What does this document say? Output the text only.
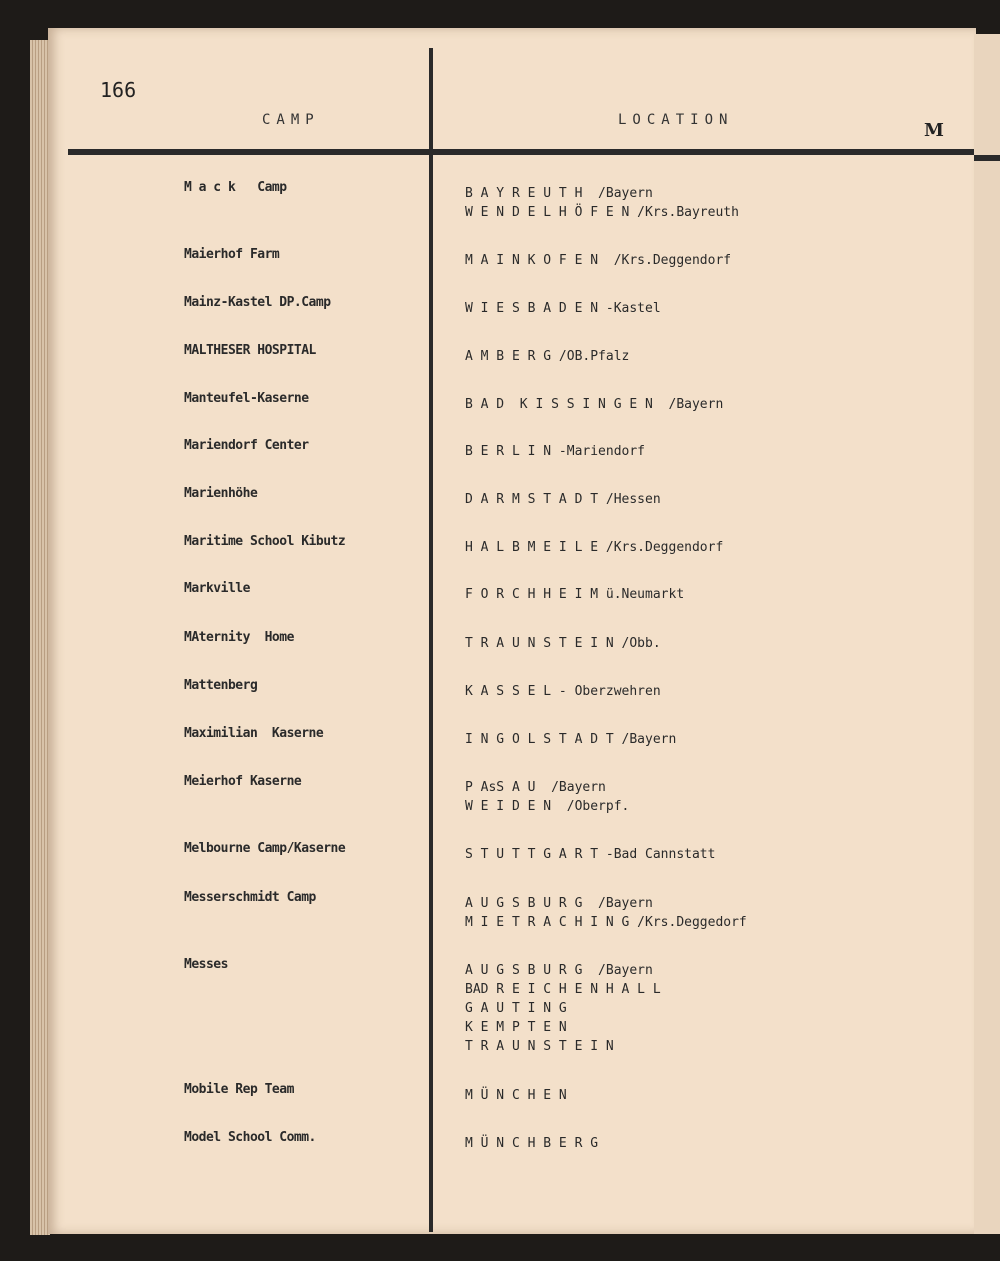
166
CAMP	LOCATION	M
M a c k   Camp	B A Y R E U T H  /Bayern
W E N D E L H Ö F E N /Krs.Bayreuth
Maierhof Farm	M A I N K O F E N  /Krs.Deggendorf
Mainz-Kastel DP.Camp	W I E S B A D E N -Kastel
MALTHESER HOSPITAL	A M B E R G /OB.Pfalz
Manteufel-Kaserne	B A D  K I S S I N G E N  /Bayern
Mariendorf Center	B E R L I N -Mariendorf
Marienhöhe	D A R M S T A D T /Hessen
Maritime School Kibutz	H A L B M E I L E /Krs.Deggendorf
Markville	F O R C H H E I M ü.Neumarkt
MAternity  Home	T R A U N S T E I N /Obb.
Mattenberg	K A S S E L - Oberzwehren
Maximilian  Kaserne	I N G O L S T A D T /Bayern
Meierhof Kaserne	P AsS A U  /Bayern
W E I D E N  /Oberpf.
Melbourne Camp/Kaserne	S T U T T G A R T -Bad Cannstatt
Messerschmidt Camp	A U G S B U R G  /Bayern
M I E T R A C H I N G /Krs.Deggedorf
Messes	A U G S B U R G  /Bayern
BAD R E I C H E N H A L L
G A U T I N G
K E M P T E N
T R A U N S T E I N
Mobile Rep Team	M Ü N C H E N
Model School Comm.	M Ü N C H B E R G
